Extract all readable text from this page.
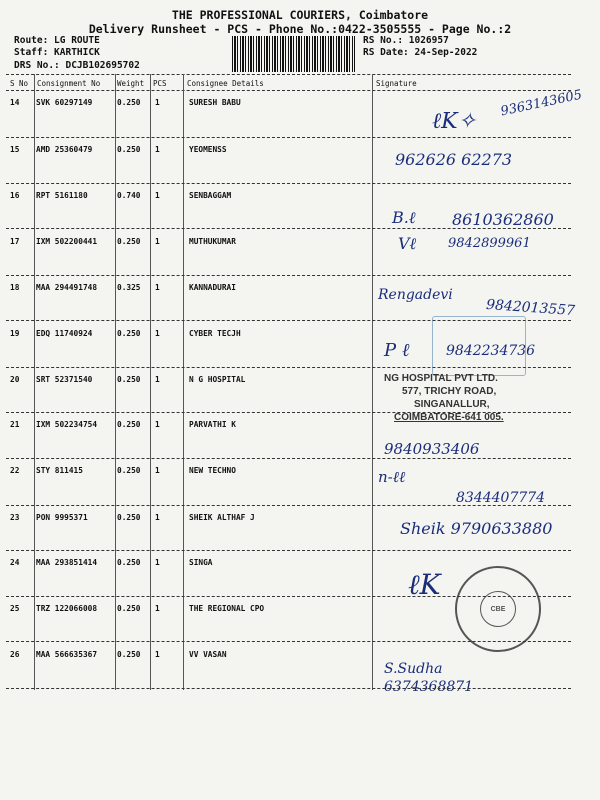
THE PROFESSIONAL COURIERS, Coimbatore
Delivery Runsheet - PCS - Phone No.:0422-3505555 - Page No.:2
Route: LG ROUTE
Staff: KARTHICK
DRS No.: DCJB102695702
RS No.: 1026957
RS Date: 24-Sep-2022
S No Consignment No Weight PCS	Consignee Details	Signature
14 SVK 60297149	0.250 1	SURESH BABU	9363143605
ℓK✧
15 AMD 25360479	0.250 1	YEOMENSS
962626 62273
16 RPT 5161180	0.740 1	SENBAGGAM
8610362860
B.ℓ
17 IXM 502200441	0.250 1	MUTHUKUMAR	9842899961
Vℓ
18 MAA 294491748	0.325 1	KANNADURAI	Rengadevi
9842013557
19 EDQ 11740924	0.250 1	CYBER TECJH
P ℓ	9842234736
20 SRT 52371540	0.250 1	N G HOSPITAL	NG HOSPITAL PVT LTD.
577, TRICHY ROAD,
SINGANALLUR,
COIMBATORE-641 005.
21 IXM 502234754	0.250 1	PARVATHI K
9840933406
22 STY 811415	0.250 1	NEW TECHNO	n-ℓℓ
8344407774
23 PON 9995371	0.250 1	SHEIK ALTHAF J
Sheik 9790633880
24 MAA 293851414	0.250 1	SINGA
ℓK
CBE
25 TRZ 122066008	0.250 1	THE REGIONAL CPO
26 MAA 566635367	0.250 1	VV VASAN
S.Sudha 6374368871
